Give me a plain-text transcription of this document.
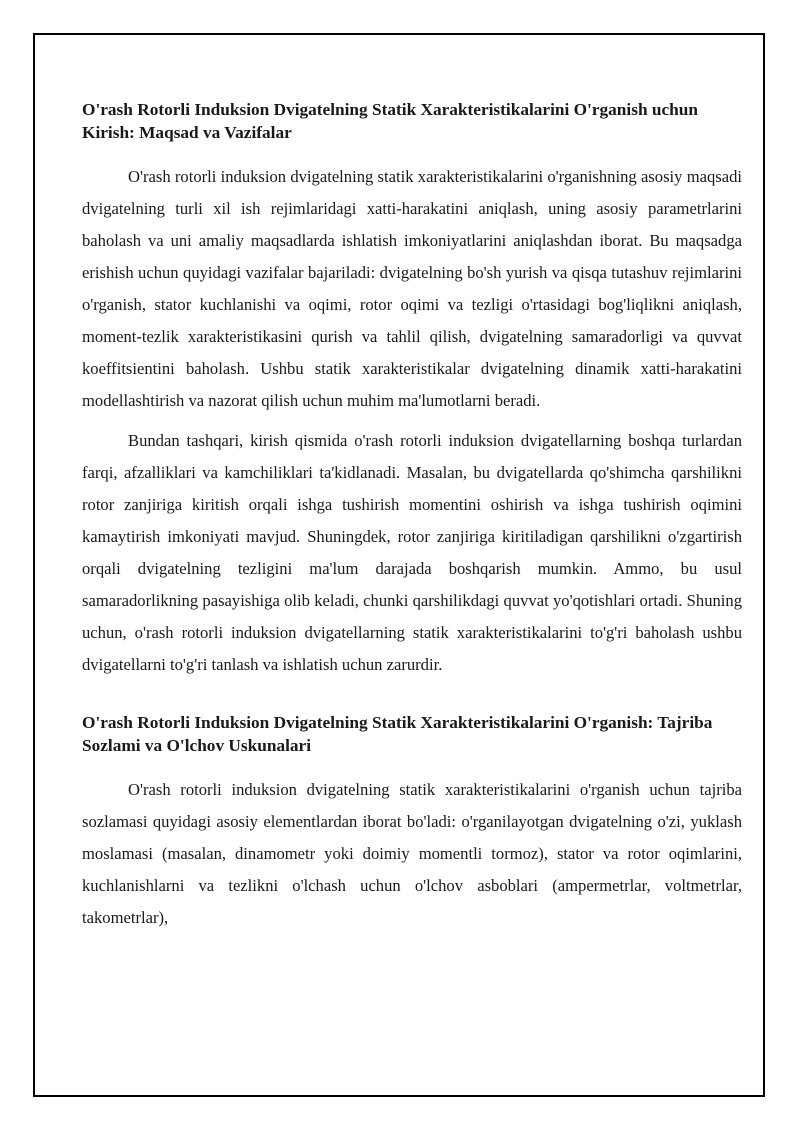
O'rash Rotorli Induksion Dvigatelning Statik Xarakteristikalarini O'rganish uchun Kirish: Maqsad va Vazifalar

O'rash rotorli induksion dvigatelning statik xarakteristikalarini o'rganishning asosiy maqsadi dvigatelning turli xil ish rejimlaridagi xatti-harakatini aniqlash, uning asosiy parametrlarini baholash va uni amaliy maqsadlarda ishlatish imkoniyatlarini aniqlashdan iborat. Bu maqsadga erishish uchun quyidagi vazifalar bajariladi: dvigatelning bo'sh yurish va qisqa tutashuv rejimlarini o'rganish, stator kuchlanishi va oqimi, rotor oqimi va tezligi o'rtasidagi bog'liqlikni aniqlash, moment-tezlik xarakteristikasini qurish va tahlil qilish, dvigatelning samaradorligi va quvvat koeffitsientini baholash. Ushbu statik xarakteristikalar dvigatelning dinamik xatti-harakatini modellashtirish va nazorat qilish uchun muhim ma'lumotlarni beradi.

Bundan tashqari, kirish qismida o'rash rotorli induksion dvigatellarning boshqa turlardan farqi, afzalliklari va kamchiliklari ta'kidlanadi. Masalan, bu dvigatellarda qo'shimcha qarshilikni rotor zanjiriga kiritish orqali ishga tushirish momentini oshirish va ishga tushirish oqimini kamaytirish imkoniyati mavjud. Shuningdek, rotor zanjiriga kiritiladigan qarshilikni o'zgartirish orqali dvigatelning tezligini ma'lum darajada boshqarish mumkin. Ammo, bu usul samaradorlikning pasayishiga olib keladi, chunki qarshilikdagi quvvat yo'qotishlari ortadi. Shuning uchun, o'rash rotorli induksion dvigatellarning statik xarakteristikalarini to'g'ri baholash ushbu dvigatellarni to'g'ri tanlash va ishlatish uchun zarurdir.

O'rash Rotorli Induksion Dvigatelning Statik Xarakteristikalarini O'rganish: Tajriba Sozlami va O'lchov Uskunalari

O'rash rotorli induksion dvigatelning statik xarakteristikalarini o'rganish uchun tajriba sozlamasi quyidagi asosiy elementlardan iborat bo'ladi: o'rganilayotgan dvigatelning o'zi, yuklash moslamasi (masalan, dinamometr yoki doimiy momentli tormoz), stator va rotor oqimlarini, kuchlanishlarni va tezlikni o'lchash uchun o'lchov asboblari (ampermetrlar, voltmetrlar, takometrlar),
